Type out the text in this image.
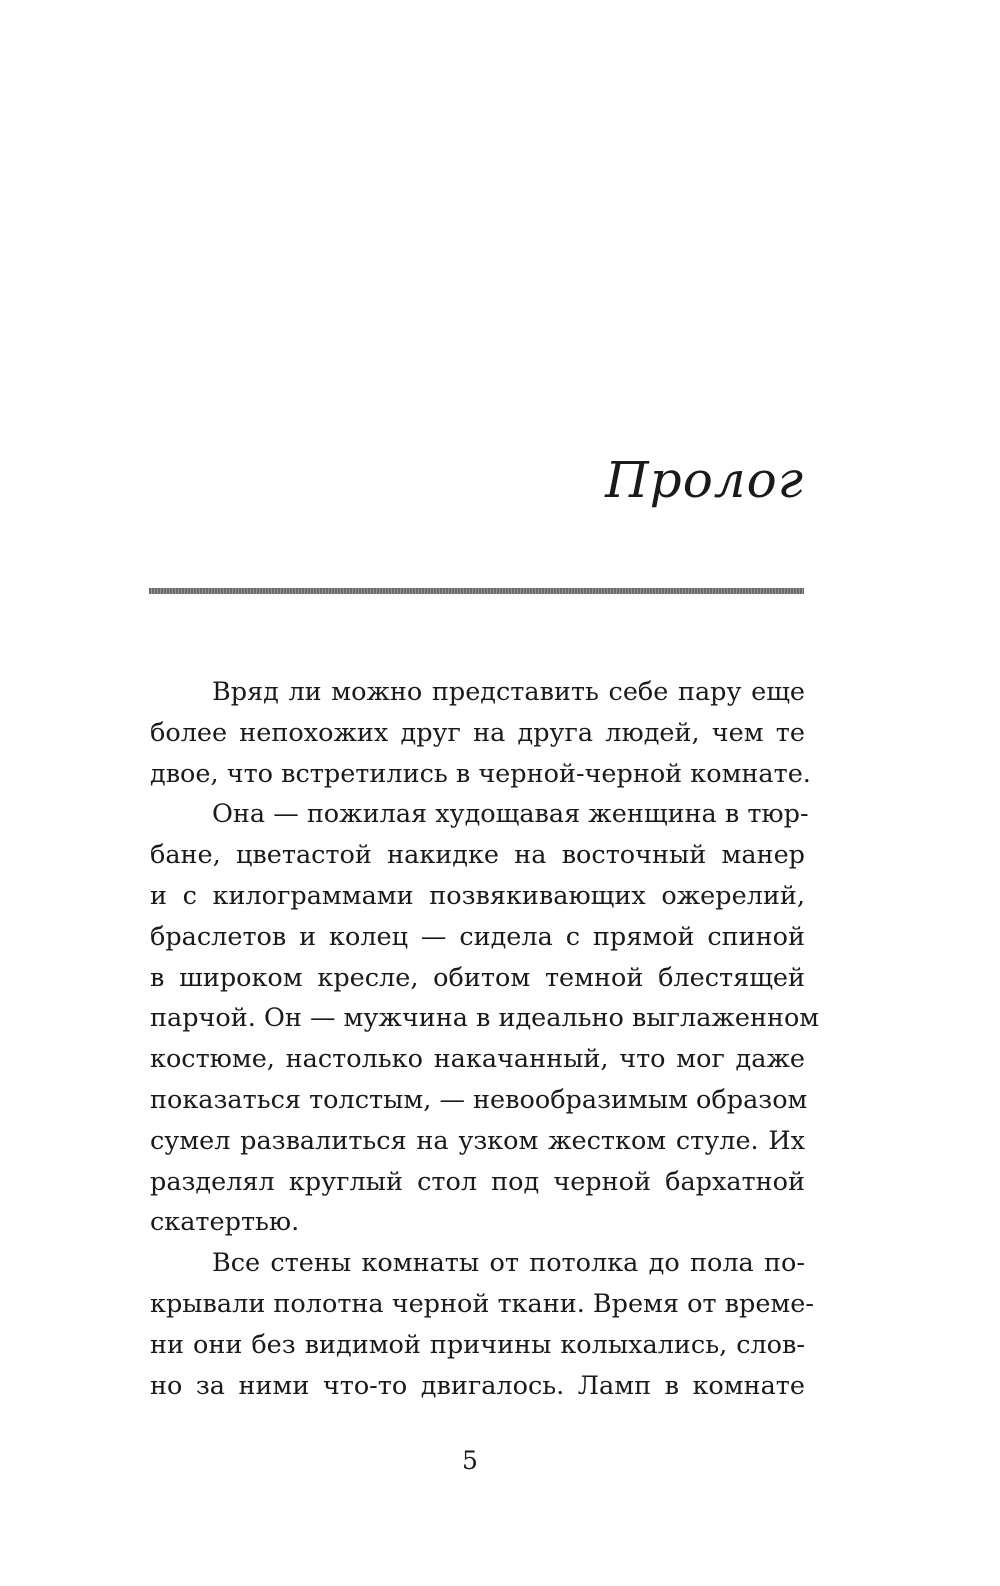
Пролог

Вряд ли можно представить себе пару еще
более непохожих друг на друга людей, чем те
двое, что встретились в черной-черной комнате.

Она — пожилая худощавая женщина в тюр-
бане, цветастой накидке на восточный манер
и с килограммами позвякивающих ожерелий,
браслетов и колец — сидела с прямой спиной
в широком кресле, обитом темной блестящей
парчой. Он — мужчина в идеально выглаженном
костюме, настолько накачанный, что мог даже
показаться толстым, — невообразимым образом
сумел развалиться на узком жестком стуле. Их
разделял круглый стол под черной бархатной
скатертью.

Все стены комнаты от потолка до пола по-
крывали полотна черной ткани. Время от време-
ни они без видимой причины колыхались, слов-
но за ними что-то двигалось. Ламп в комнате

5
